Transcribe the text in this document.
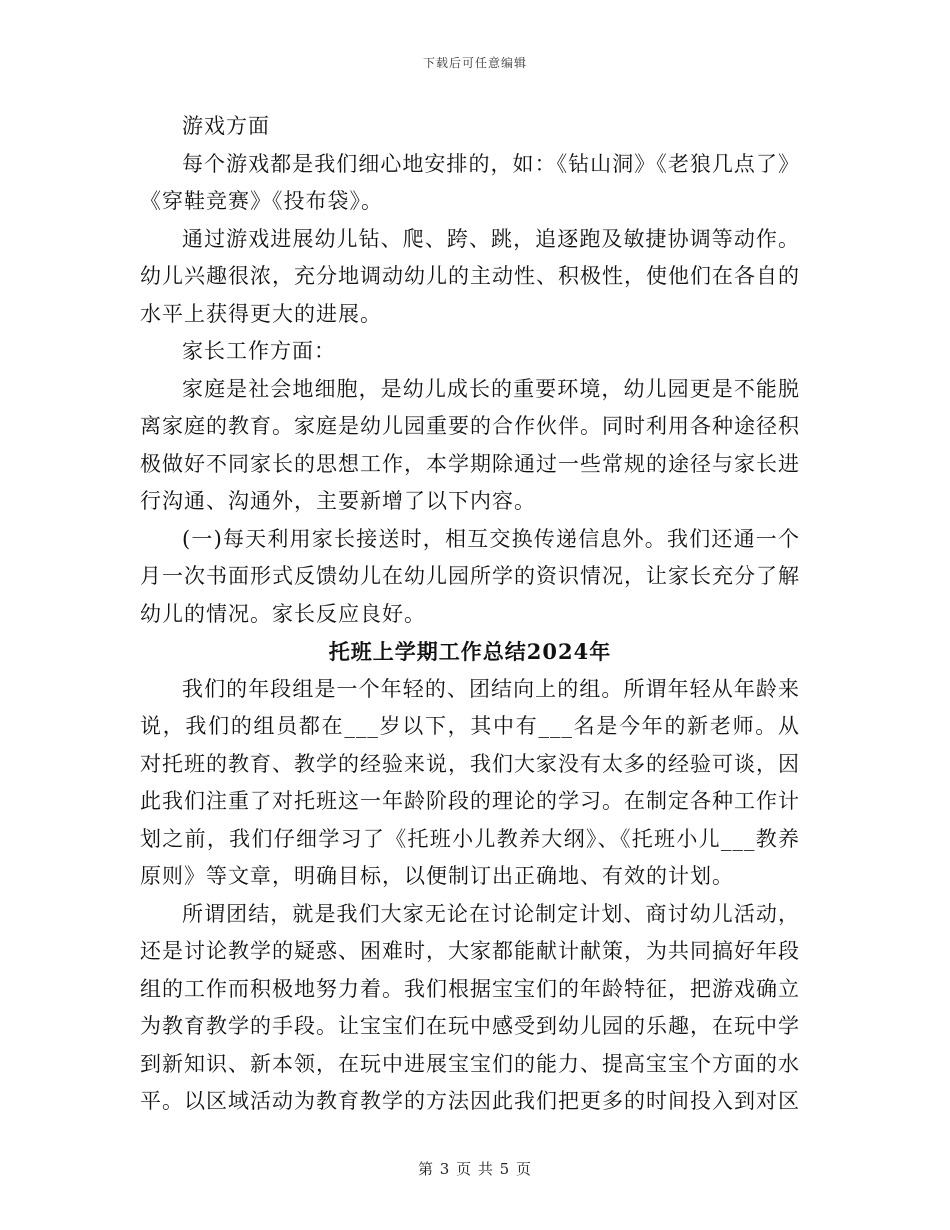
下载后可任意编辑

游戏方面

每个游戏都是我们细心地安排的，如：《钻山洞》《老狼几点了》《穿鞋竞赛》《投布袋》。

通过游戏进展幼儿钻、爬、跨、跳，追逐跑及敏捷协调等动作。幼儿兴趣很浓，充分地调动幼儿的主动性、积极性，使他们在各自的水平上获得更大的进展。

家长工作方面：

家庭是社会地细胞，是幼儿成长的重要环境，幼儿园更是不能脱离家庭的教育。家庭是幼儿园重要的合作伙伴。同时利用各种途径积极做好不同家长的思想工作，本学期除通过一些常规的途径与家长进行沟通、沟通外，主要新增了以下内容。

(一)每天利用家长接送时，相互交换传递信息外。我们还通一个月一次书面形式反馈幼儿在幼儿园所学的资识情况，让家长充分了解幼儿的情况。家长反应良好。

托班上学期工作总结2024年

我们的年段组是一个年轻的、团结向上的组。所谓年轻从年龄来说，我们的组员都在___岁以下，其中有___名是今年的新老师。从对托班的教育、教学的经验来说，我们大家没有太多的经验可谈，因此我们注重了对托班这一年龄阶段的理论的学习。在制定各种工作计划之前，我们仔细学习了《托班小儿教养大纲》、《托班小儿___教养原则》等文章，明确目标，以便制订出正确地、有效的计划。

所谓团结，就是我们大家无论在讨论制定计划、商讨幼儿活动，还是讨论教学的疑惑、困难时，大家都能献计献策，为共同搞好年段组的工作而积极地努力着。我们根据宝宝们的年龄特征，把游戏确立为教育教学的手段。让宝宝们在玩中感受到幼儿园的乐趣，在玩中学到新知识、新本领，在玩中进展宝宝们的能力、提高宝宝个方面的水平。以区域活动为教育教学的方法因此我们把更多的时间投入到对区

第 3 页 共 5 页
